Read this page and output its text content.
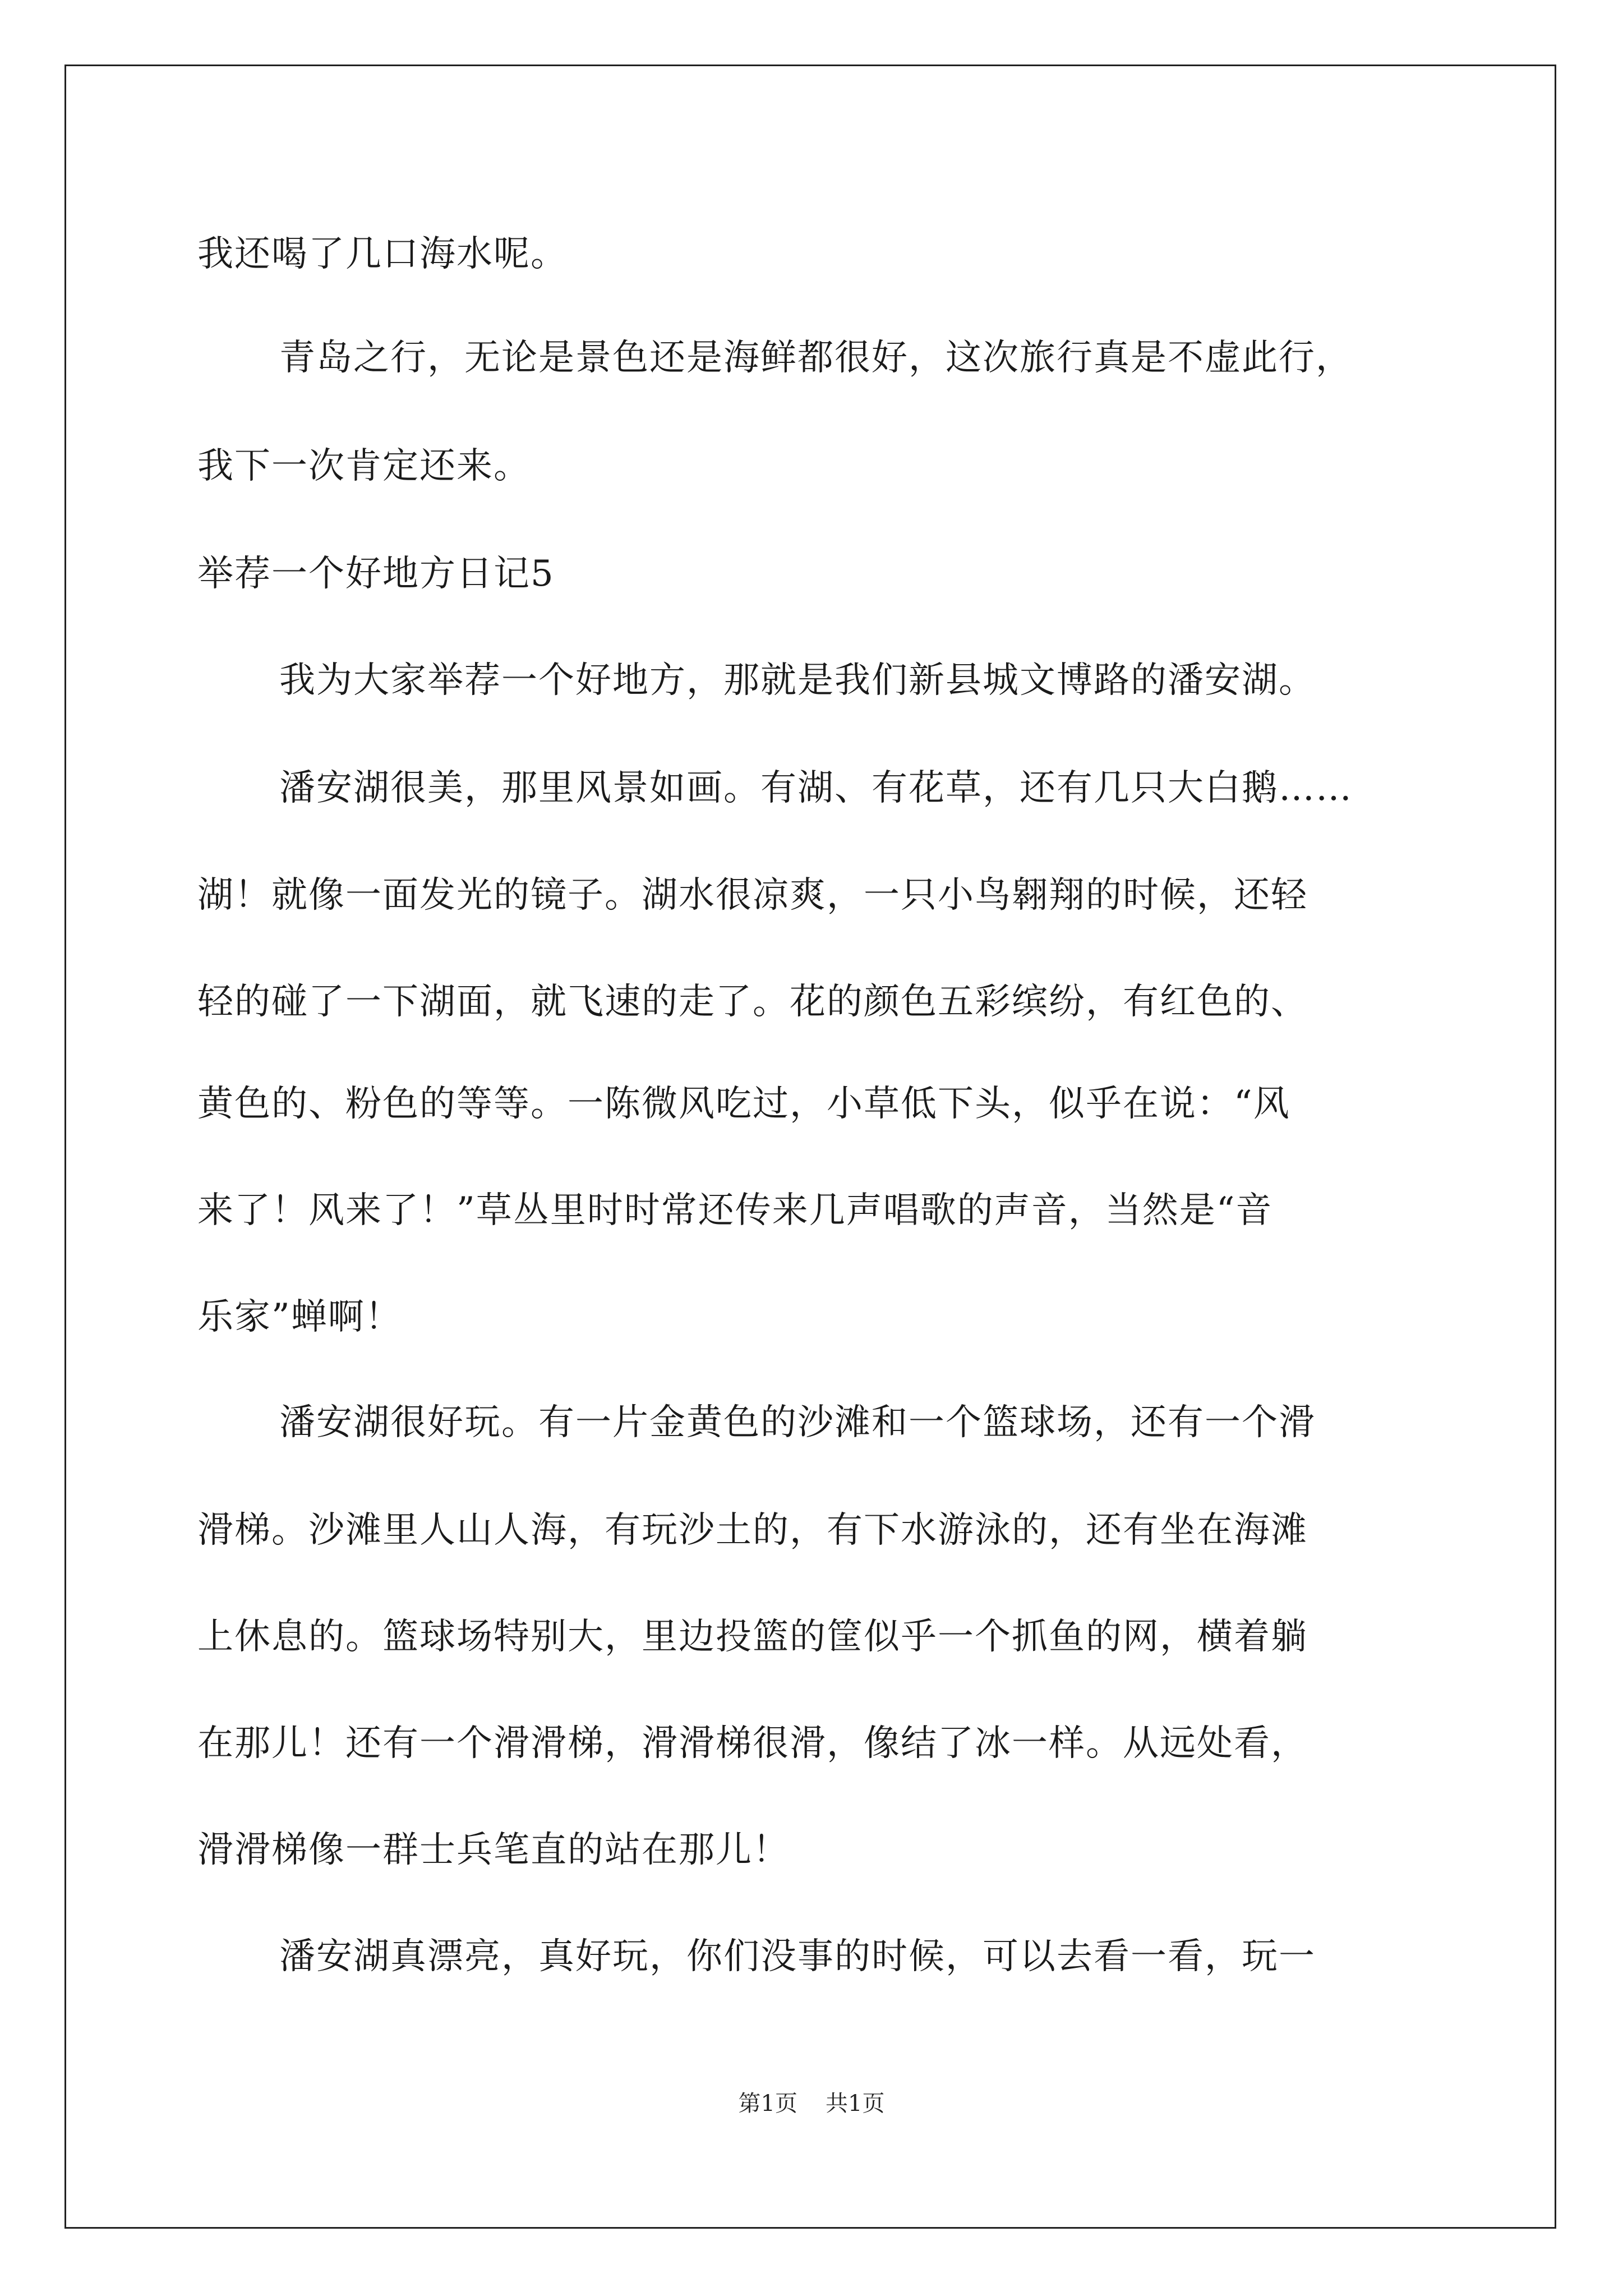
我还喝了几口海水呢。
青岛之行，无论是景色还是海鲜都很好，这次旅行真是不虚此行，
我下一次肯定还来。
举荐一个好地方日记5
我为大家举荐一个好地方，那就是我们新县城文博路的潘安湖。
潘安湖很美，那里风景如画。有湖、有花草，还有几只大白鹅……
湖！就像一面发光的镜子。湖水很凉爽，一只小鸟翱翔的时候，还轻
轻的碰了一下湖面，就飞速的走了。花的颜色五彩缤纷，有红色的、
黄色的、粉色的等等。一陈微风吃过，小草低下头，似乎在说：“风
来了！风来了！”草丛里时时常还传来几声唱歌的声音，当然是“音
乐家”蝉啊！
潘安湖很好玩。有一片金黄色的沙滩和一个篮球场，还有一个滑
滑梯。沙滩里人山人海，有玩沙土的，有下水游泳的，还有坐在海滩
上休息的。篮球场特别大，里边投篮的筐似乎一个抓鱼的网，横着躺
在那儿！还有一个滑滑梯，滑滑梯很滑，像结了冰一样。从远处看，
滑滑梯像一群士兵笔直的站在那儿！
潘安湖真漂亮，真好玩，你们没事的时候，可以去看一看，玩一
第1页 共1页
